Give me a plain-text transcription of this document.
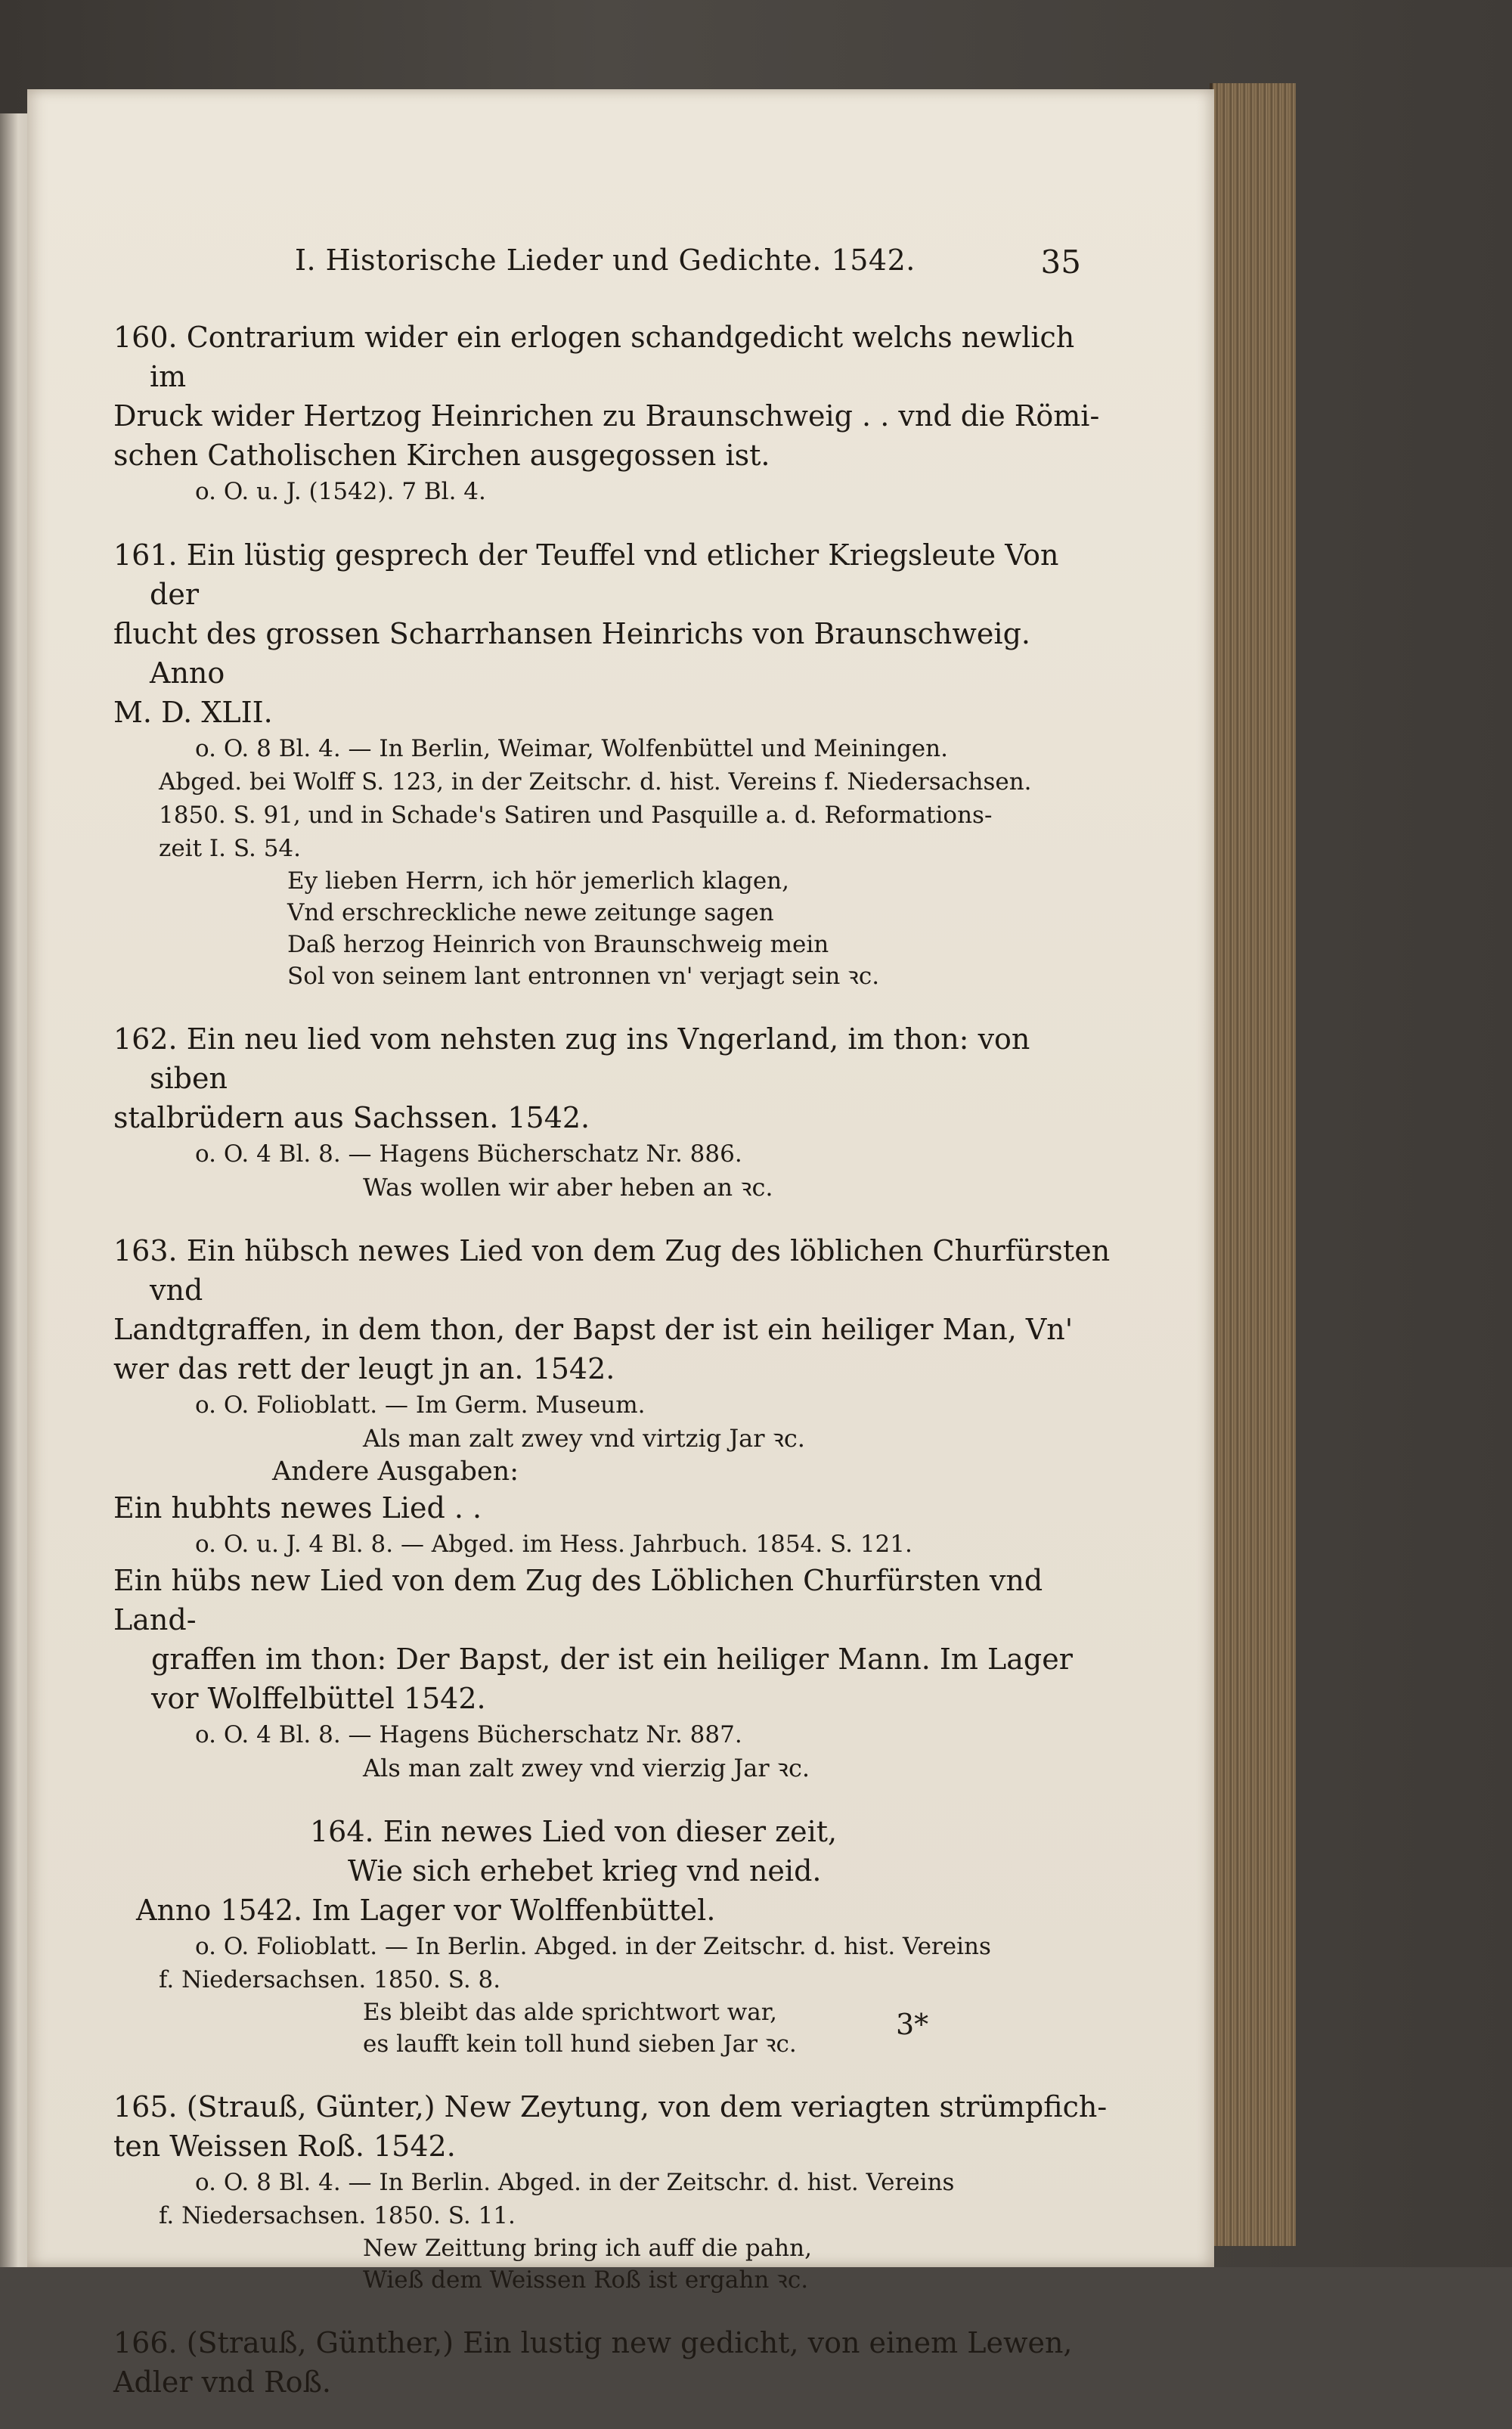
I. Historische Lieder und Gedichte. 1542.	35

160. Contrarium wider ein erlogen schandgedicht welchs newlich im

Druck wider Hertzog Heinrichen zu Braunschweig . . vnd die Römi-

schen Catholischen Kirchen ausgegossen ist.

o. O. u. J. (1542). 7 Bl. 4.

161. Ein lüstig gesprech der Teuffel vnd etlicher Kriegsleute Von der

flucht des grossen Scharrhansen Heinrichs von Braunschweig. Anno

M. D. XLII.

o. O. 8 Bl. 4. — In Berlin, Weimar, Wolfenbüttel und Meiningen.

Abged. bei Wolff S. 123, in der Zeitschr. d. hist. Vereins f. Niedersachsen.

1850. S. 91, und in Schade's Satiren und Pasquille a. d. Reformations-

zeit I. S. 54.

Ey lieben Herrn, ich hör jemerlich klagen,

Vnd erschreckliche newe zeitunge sagen

Daß herzog Heinrich von Braunschweig mein

Sol von seinem lant entronnen vn' verjagt sein ꝛc.

162. Ein neu lied vom nehsten zug ins Vngerland, im thon: von siben

stalbrüdern aus Sachssen. 1542.

o. O. 4 Bl. 8. — Hagens Bücherschatz Nr. 886.

Was wollen wir aber heben an ꝛc.

163. Ein hübsch newes Lied von dem Zug des löblichen Churfürsten vnd

Landtgraffen, in dem thon, der Bapst der ist ein heiliger Man, Vn'

wer das rett der leugt jn an. 1542.

o. O. Folioblatt. — Im Germ. Museum.

Als man zalt zwey vnd virtzig Jar ꝛc.

Andere Ausgaben:

Ein hubhts newes Lied . .

o. O. u. J. 4 Bl. 8. — Abged. im Hess. Jahrbuch. 1854. S. 121.

Ein hübs new Lied von dem Zug des Löblichen Churfürsten vnd Land-

graffen im thon: Der Bapst, der ist ein heiliger Mann. Im Lager

vor Wolffelbüttel 1542.

o. O. 4 Bl. 8. — Hagens Bücherschatz Nr. 887.

Als man zalt zwey vnd vierzig Jar ꝛc.

164. Ein newes Lied von dieser zeit,

Wie sich erhebet krieg vnd neid.

Anno 1542. Im Lager vor Wolffenbüttel.

o. O. Folioblatt. — In Berlin. Abged. in der Zeitschr. d. hist. Vereins

f. Niedersachsen. 1850. S. 8.

Es bleibt das alde sprichtwort war,

es laufft kein toll hund sieben Jar ꝛc.

165. (Strauß, Günter,) New Zeytung, von dem veriagten strümpfich-

ten Weissen Roß. 1542.

o. O. 8 Bl. 4. — In Berlin. Abged. in der Zeitschr. d. hist. Vereins

f. Niedersachsen. 1850. S. 11.

New Zeittung bring ich auff die pahn,

Wieß dem Weissen Roß ist ergahn ꝛc.

166. (Strauß, Günther,) Ein lustig new gedicht, von einem Lewen,

Adler vnd Roß.

3*
